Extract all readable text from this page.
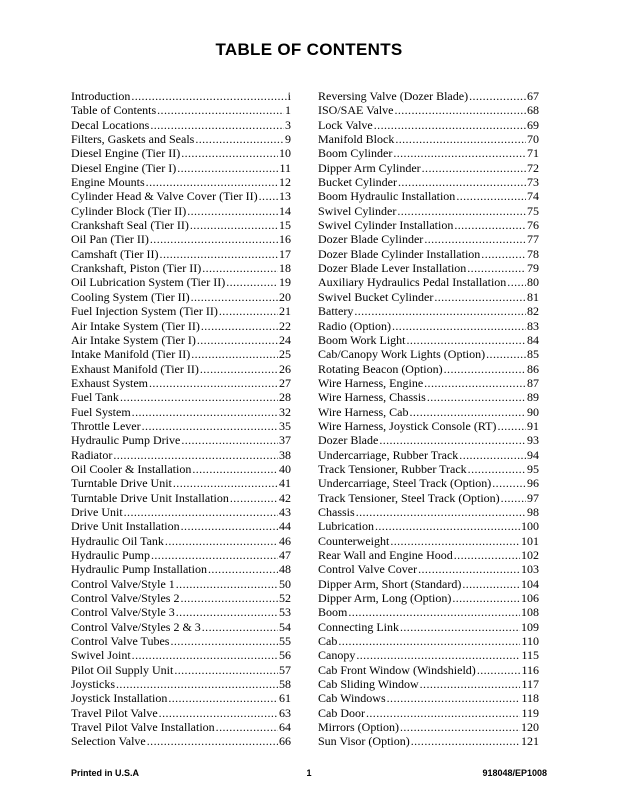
TABLE OF CONTENTS
Introduction .....	i
Table of Contents .....	1
Decal Locations .....	3
Filters, Gaskets and Seals .....	9
Diesel Engine (Tier II) .....	10
Diesel Engine (Tier I) .....	11
Engine Mounts .....	12
Cylinder Head & Valve Cover (Tier II) ..... 13
Cylinder Block (Tier II) .....	14
Crankshaft Seal (Tier II) .....	15
Oil Pan (Tier II) .....	16
Camshaft (Tier II) .....	17
Crankshaft, Piston (Tier II) .....	18
Oil Lubrication System (Tier II) .....	19
Cooling System (Tier II) .....	20
Fuel Injection System (Tier II) .....	21
Air Intake System (Tier II) .....	22
Air Intake System (Tier I) .....	24
Intake Manifold (Tier II) .....	25
Exhaust Manifold (Tier II) .....	26
Exhaust System .....	27
Fuel Tank .....	28
Fuel System .....	32
Throttle Lever .....	35
Hydraulic Pump Drive .....	37
Radiator .....	38
Oil Cooler & Installation .....	40
Turntable Drive Unit .....	41
Turntable Drive Unit Installation .....	42
Drive Unit .....	43
Drive Unit Installation .....	44
Hydraulic Oil Tank .....	46
Hydraulic Pump .....	47
Hydraulic Pump Installation .....	48
Control Valve/Style 1 .....	50
Control Valve/Styles 2 .....	52
Control Valve/Style 3 .....	53
Control Valve/Styles 2 & 3 .....	54
Control Valve Tubes .....	55
Swivel Joint .....	56
Pilot Oil Supply Unit .....	57
Joysticks .....	58
Joystick Installation .....	61
Travel Pilot Valve .....	63
Travel Pilot Valve Installation .....	64
Selection Valve .....	66
Reversing Valve (Dozer Blade) .....	67
ISO/SAE Valve .....	68
Lock Valve .....	69
Manifold Block .....	70
Boom Cylinder .....	71
Dipper Arm Cylinder .....	72
Bucket Cylinder .....	73
Boom Hydraulic Installation .....	74
Swivel Cylinder .....	75
Swivel Cylinder Installation .....	76
Dozer Blade Cylinder .....	77
Dozer Blade Cylinder Installation .....	78
Dozer Blade Lever Installation .....	79
Auxiliary Hydraulics Pedal Installation ..... 80
Swivel Bucket Cylinder .....	81
Battery .....	82
Radio (Option) .....	83
Boom Work Light .....	84
Cab/Canopy Work Lights (Option) .....	85
Rotating Beacon (Option) .....	86
Wire Harness, Engine .....	87
Wire Harness, Chassis .....	89
Wire Harness, Cab .....	90
Wire Harness, Joystick Console (RT) .....	91
Dozer Blade .....	93
Undercarriage, Rubber Track .....	94
Track Tensioner, Rubber Track .....	95
Undercarriage, Steel Track (Option) .....	96
Track Tensioner, Steel Track (Option) ..... 97
Chassis .....	98
Lubrication .....	100
Counterweight .....	101
Rear Wall and Engine Hood .....	102
Control Valve Cover .....	103
Dipper Arm, Short (Standard) .....	104
Dipper Arm, Long (Option) .....	106
Boom .....	108
Connecting Link .....	109
Cab .....	110
Canopy .....	115
Cab Front Window (Windshield) .....	116
Cab Sliding Window .....	117
Cab Windows .....	118
Cab Door .....	119
Mirrors (Option) .....	120
Sun Visor (Option) .....	121
Printed in U.S.A	1	918048/EP1008
